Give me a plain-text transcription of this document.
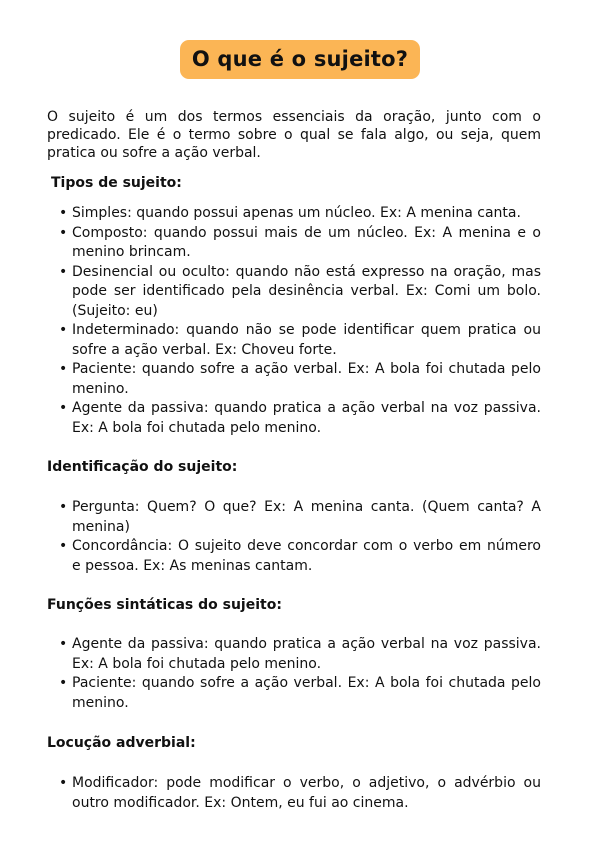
O que é o sujeito?

O sujeito é um dos termos essenciais da oração, junto com o predicado. Ele é o termo sobre o qual se fala algo, ou seja, quem pratica ou sofre a ação verbal.

Tipos de sujeito:
• Simples: quando possui apenas um núcleo. Ex: A menina canta.
• Composto: quando possui mais de um núcleo. Ex: A menina e o menino brincam.
• Desinencial ou oculto: quando não está expresso na oração, mas pode ser identificado pela desinência verbal. Ex: Comi um bolo. (Sujeito: eu)
• Indeterminado: quando não se pode identificar quem pratica ou sofre a ação verbal. Ex: Choveu forte.
• Paciente: quando sofre a ação verbal. Ex: A bola foi chutada pelo menino.
• Agente da passiva: quando pratica a ação verbal na voz passiva. Ex: A bola foi chutada pelo menino.
Identificação do sujeito:
• Pergunta: Quem? O que? Ex: A menina canta. (Quem canta? A menina)
• Concordância: O sujeito deve concordar com o verbo em número e pessoa. Ex: As meninas cantam.
Funções sintáticas do sujeito:
• Agente da passiva: quando pratica a ação verbal na voz passiva. Ex: A bola foi chutada pelo menino.
• Paciente: quando sofre a ação verbal. Ex: A bola foi chutada pelo menino.
Locução adverbial:
• Modificador: pode modificar o verbo, o adjetivo, o advérbio ou outro modificador. Ex: Ontem, eu fui ao cinema.
